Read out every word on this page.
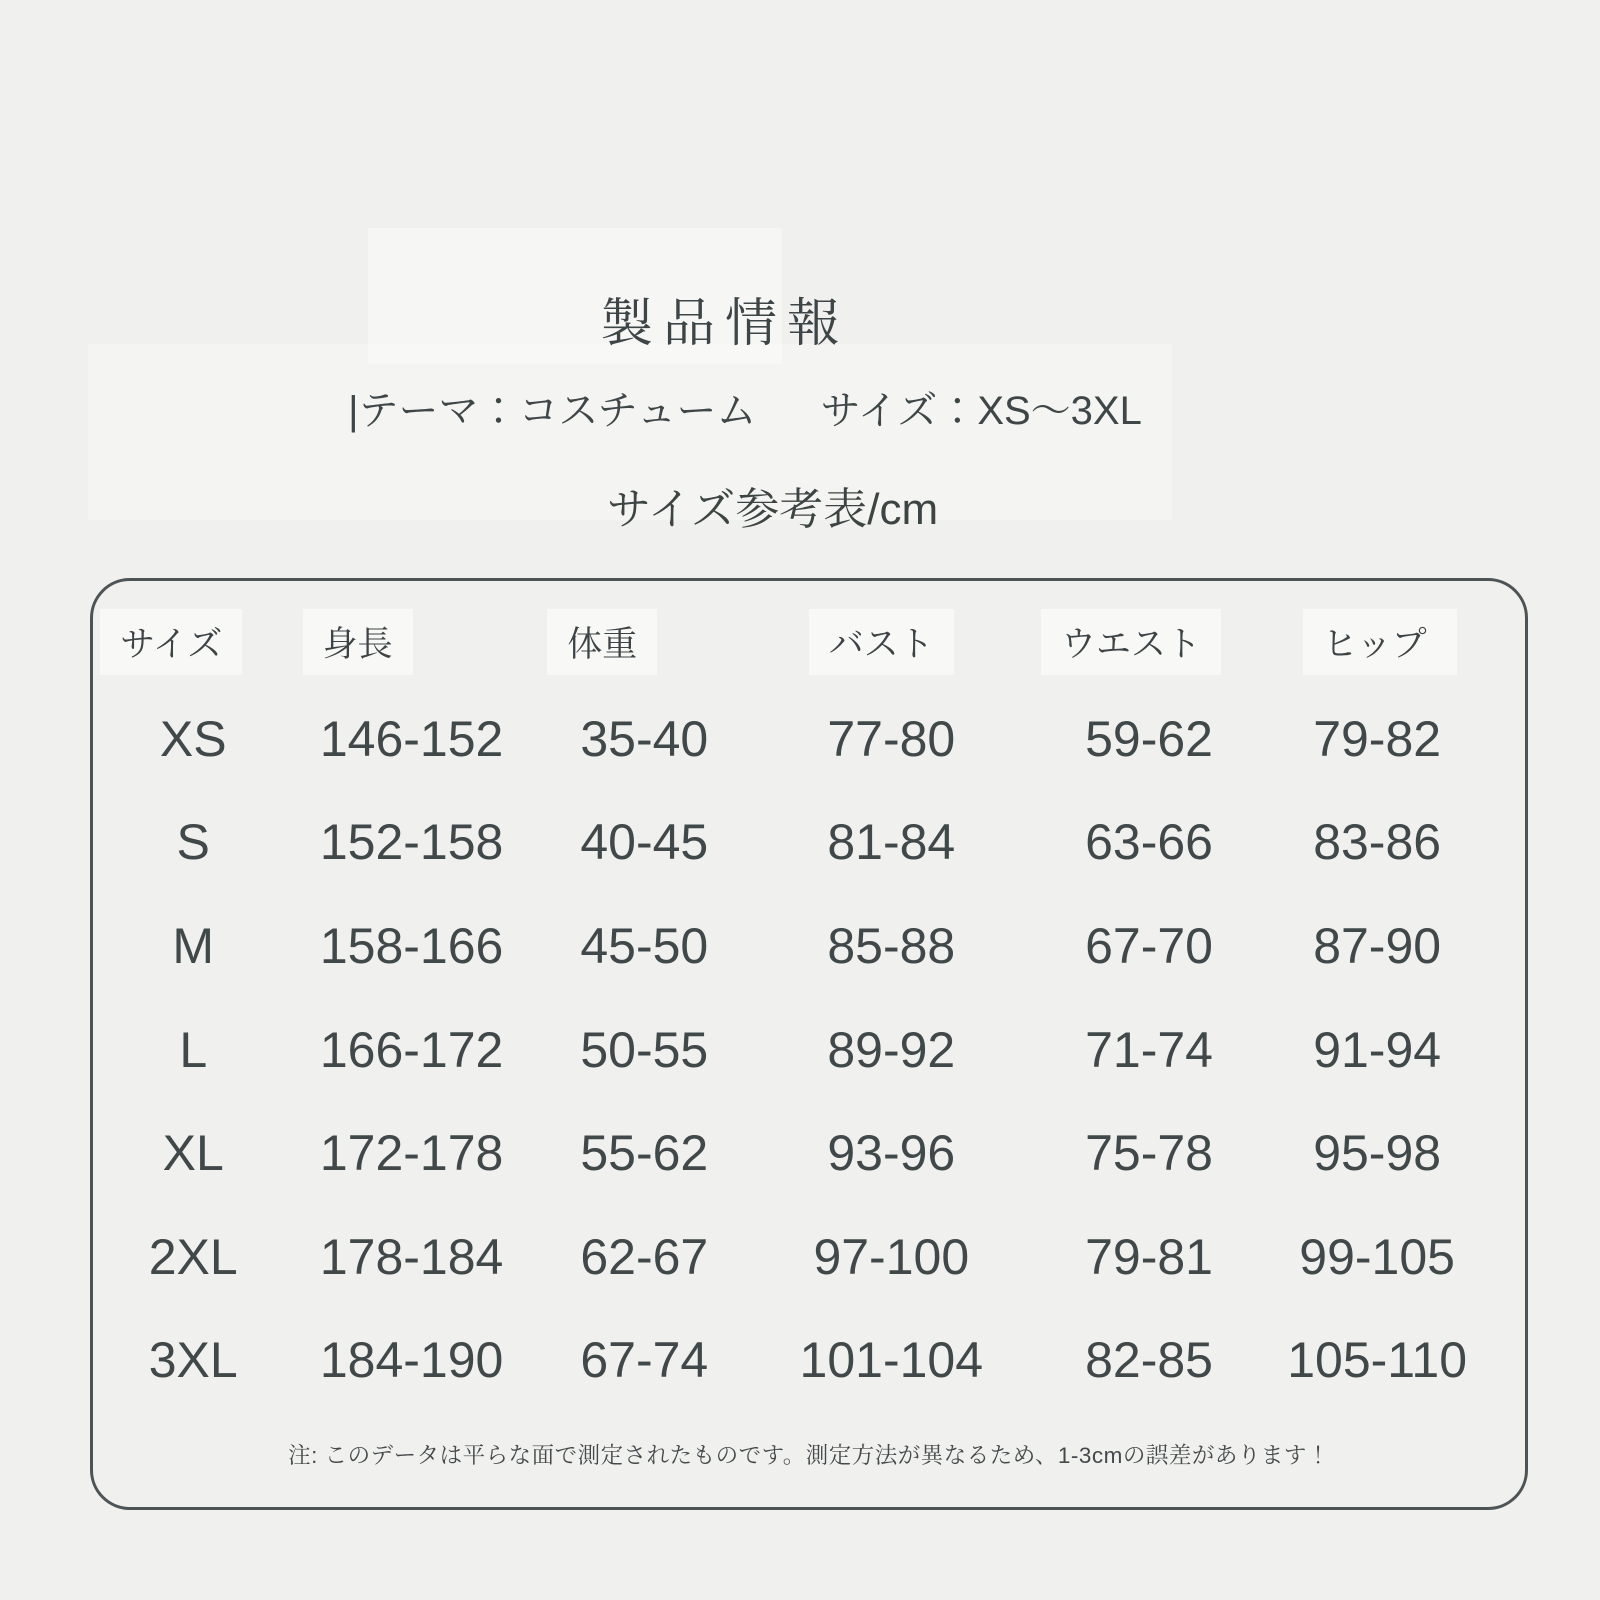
製品情報
|テーマ：コスチューム サイズ：XS〜3XL
サイズ参考表/cm
サイズ	身長	体重	バスト	ウエスト	ヒップ
XS	146-152	35-40	77-80	59-62	79-82
S	152-158	40-45	81-84	63-66	83-86
M	158-166	45-50	85-88	67-70	87-90
L	166-172	50-55	89-92	71-74	91-94
XL	172-178	55-62	93-96	75-78	95-98
2XL	178-184	62-67	97-100	79-81	99-105
3XL	184-190	67-74	101-104	82-85	105-110
注: このデータは平らな面で測定されたものです。測定方法が異なるため、1-3cmの誤差があります！
